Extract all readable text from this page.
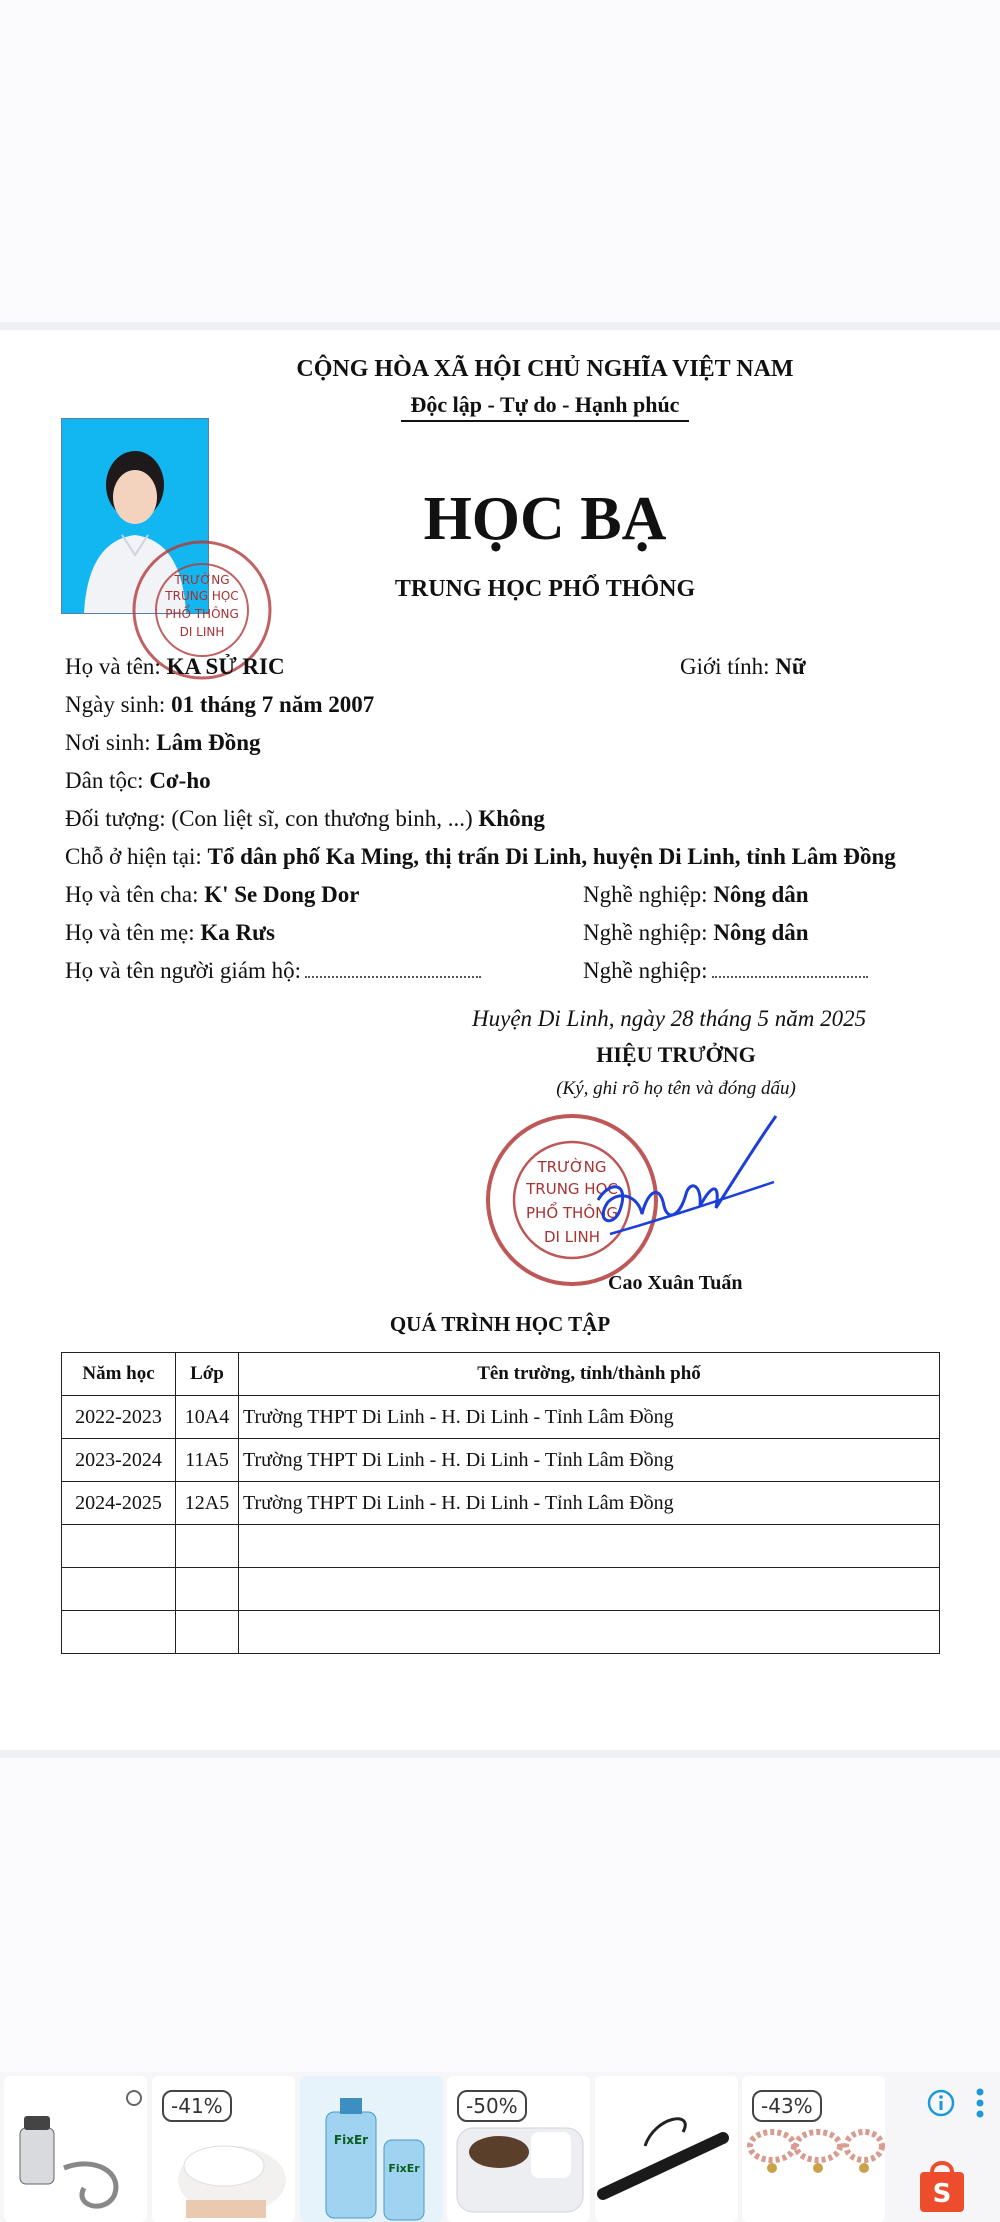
CỘNG HÒA XÃ HỘI CHỦ NGHĨA VIỆT NAM
Độc lập - Tự do - Hạnh phúc
TRƯỜNG
TRUNG HỌC
PHỔ THÔNG
DI LINH
HỌC BẠ
TRUNG HỌC PHỔ THÔNG
Họ và tên: KA SỬ RIC	Giới tính: Nữ
Ngày sinh: 01 tháng 7 năm 2007
Nơi sinh: Lâm Đồng
Dân tộc: Cơ-ho
Đối tượng: (Con liệt sĩ, con thương binh, ...) Không
Chỗ ở hiện tại: Tổ dân phố Ka Ming, thị trấn Di Linh, huyện Di Linh, tỉnh Lâm Đồng
Họ và tên cha: K' Se Dong Dor	Nghề nghiệp: Nông dân
Họ và tên mẹ: Ka Rưs	Nghề nghiệp: Nông dân
Họ và tên người giám hộ:	Nghề nghiệp:
Huyện Di Linh, ngày 28 tháng 5 năm 2025
HIỆU TRƯỞNG
(Ký, ghi rõ họ tên và đóng dấu)
TRƯỜNG
TRUNG HỌC
PHỔ THÔNG
DI LINH
Cao Xuân Tuấn
QUÁ TRÌNH HỌC TẬP
Năm học	Lớp	Tên trường, tỉnh/thành phố
2022-2023	10A4	Trường THPT Di Linh - H. Di Linh - Tỉnh Lâm Đồng
2023-2024	11A5	Trường THPT Di Linh - H. Di Linh - Tỉnh Lâm Đồng
2024-2025	12A5	Trường THPT Di Linh - H. Di Linh - Tỉnh Lâm Đồng

-41%
FixEr
FixEr
-50%	-43%
S
